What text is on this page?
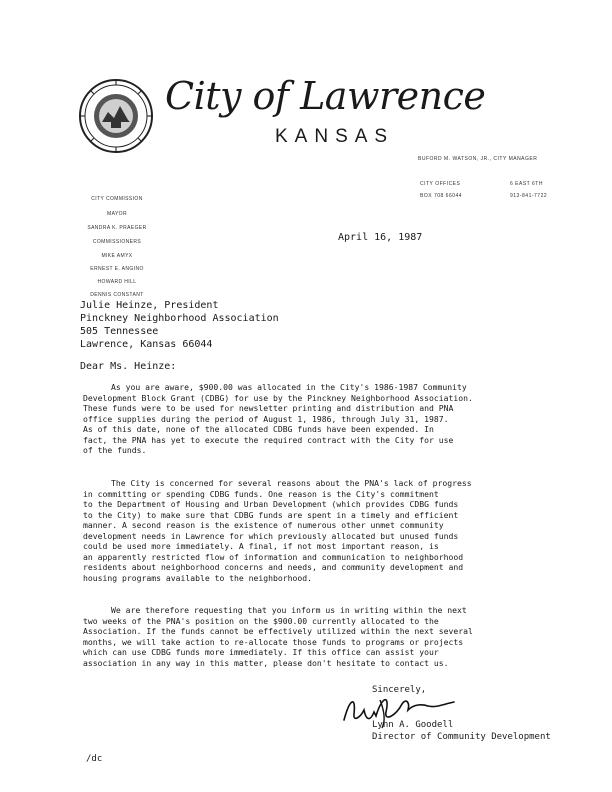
City of Lawrence
KANSAS
BUFORD M. WATSON, JR., CITY MANAGER
CITY OFFICES	6 EAST 6TH
BOX 708 66044	913-841-7722
CITY COMMISSION
MAYOR
SANDRA K. PRAEGER
COMMISSIONERS
MIKE AMYX
ERNEST E. ANGINO
HOWARD HILL
DENNIS CONSTANT
April 16, 1987
Julie Heinze, President
Pinckney Neighborhood Association
505 Tennessee
Lawrence, Kansas 66044
Dear Ms. Heinze:
As you are aware, $900.00 was allocated in the City's 1986-1987 Community
Development Block Grant (CDBG) for use by the Pinckney Neighborhood Association.
These funds were to be used for newsletter printing and distribution and PNA
office supplies during the period of August 1, 1986, through July 31, 1987.
As of this date, none of the allocated CDBG funds have been expended. In
fact, the PNA has yet to execute the required contract with the City for use
of the funds.
The City is concerned for several reasons about the PNA's lack of progress
in committing or spending CDBG funds. One reason is the City's commitment
to the Department of Housing and Urban Development (which provides CDBG funds
to the City) to make sure that CDBG funds are spent in a timely and efficient
manner. A second reason is the existence of numerous other unmet community
development needs in Lawrence for which previously allocated but unused funds
could be used more immediately. A final, if not most important reason, is
an apparently restricted flow of information and communication to neighborhood
residents about neighborhood concerns and needs, and community development and
housing programs available to the neighborhood.
We are therefore requesting that you inform us in writing within the next
two weeks of the PNA's position on the $900.00 currently allocated to the
Association. If the funds cannot be effectively utilized within the next several
months, we will take action to re-allocate those funds to programs or projects
which can use CDBG funds more immediately. If this office can assist your
association in any way in this matter, please don't hesitate to contact us.
Sincerely,
Lynn A. Goodell
Director of Community Development
/dc
